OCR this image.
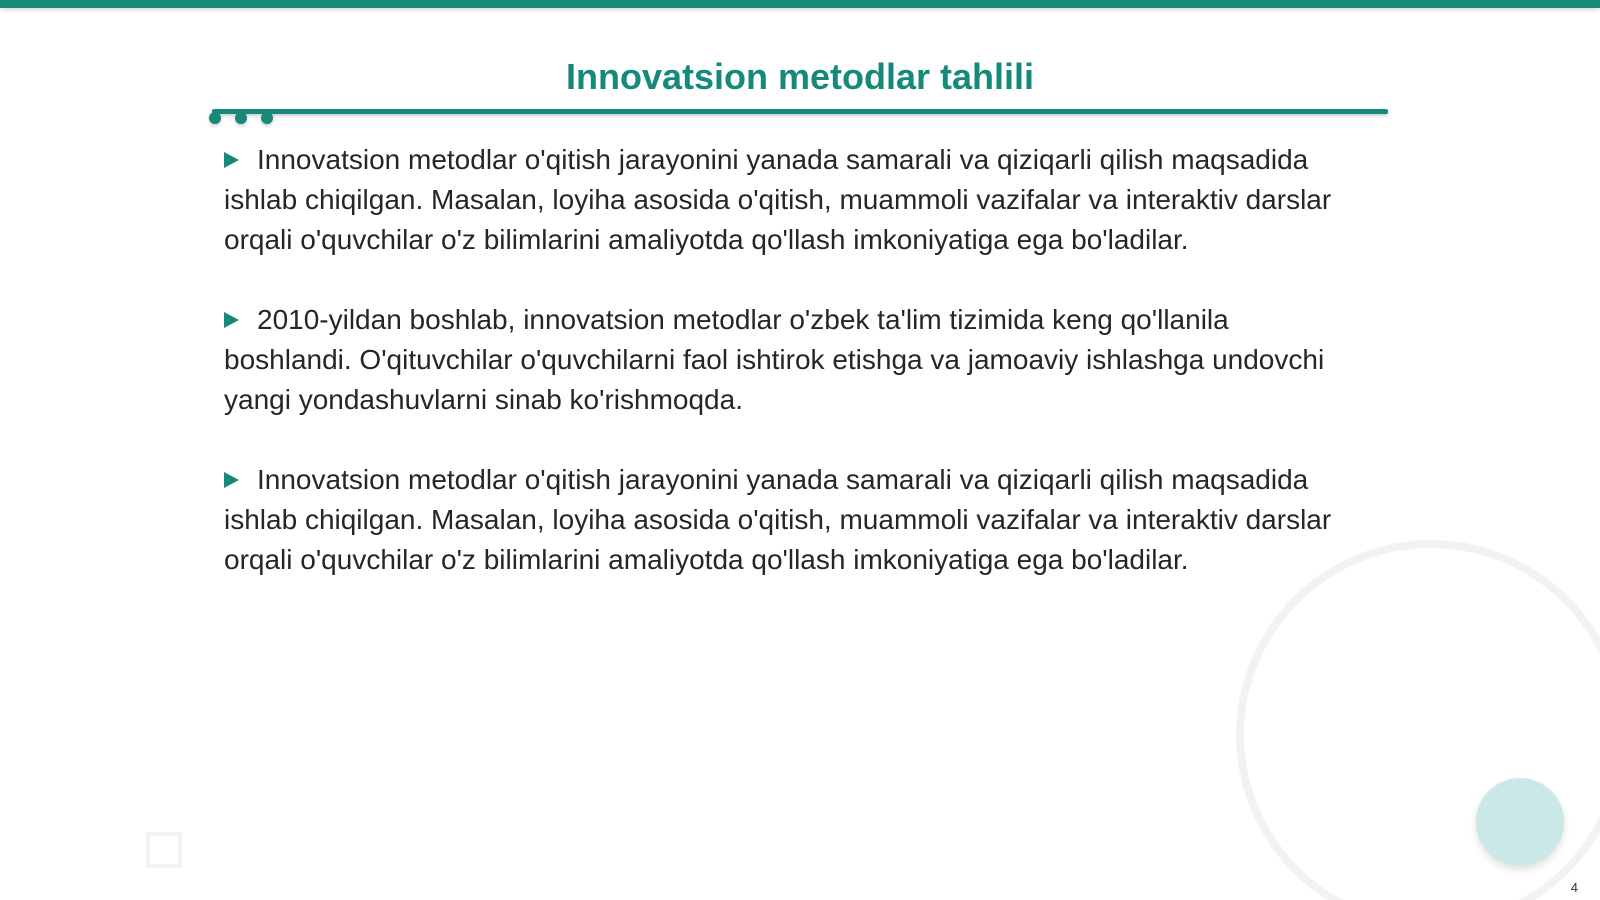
Innovatsion metodlar tahlili

Innovatsion metodlar o'qitish jarayonini yanada samarali va qiziqarli qilish maqsadida ishlab chiqilgan. Masalan, loyiha asosida o'qitish, muammoli vazifalar va interaktiv darslar orqali o'quvchilar o'z bilimlarini amaliyotda qo'llash imkoniyatiga ega bo'ladilar.

2010-yildan boshlab, innovatsion metodlar o'zbek ta'lim tizimida keng qo'llanila boshlandi. O'qituvchilar o'quvchilarni faol ishtirok etishga va jamoaviy ishlashga undovchi yangi yondashuvlarni sinab ko'rishmoqda.

Innovatsion metodlar o'qitish jarayonini yanada samarali va qiziqarli qilish maqsadida ishlab chiqilgan. Masalan, loyiha asosida o'qitish, muammoli vazifalar va interaktiv darslar orqali o'quvchilar o'z bilimlarini amaliyotda qo'llash imkoniyatiga ega bo'ladilar.

4
